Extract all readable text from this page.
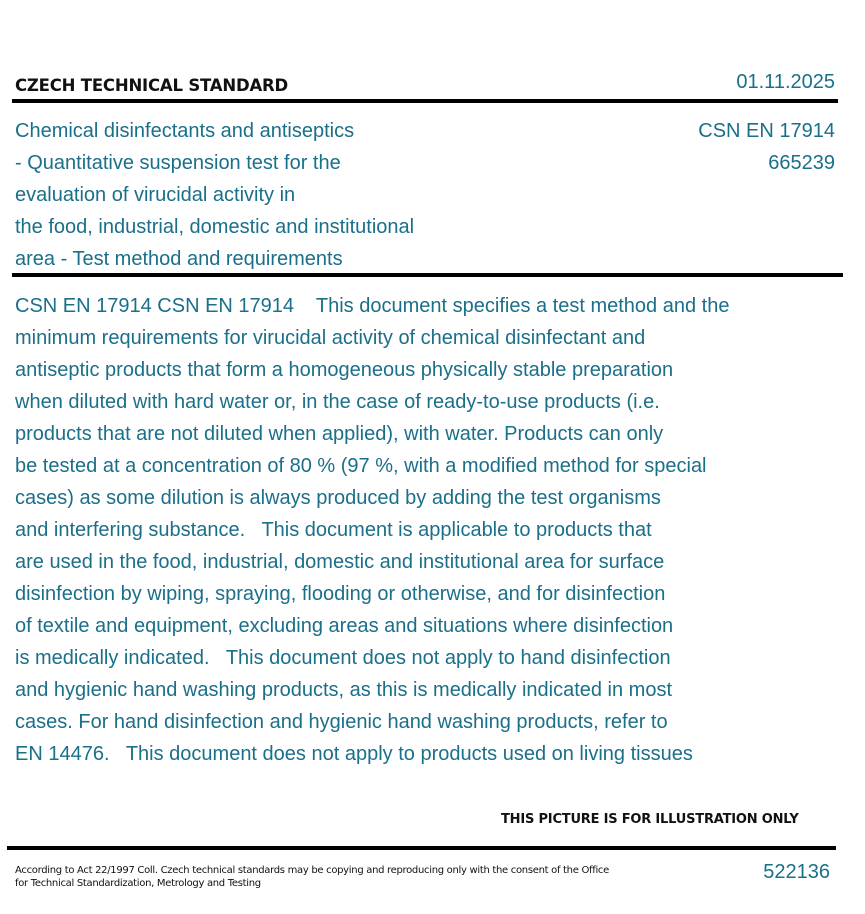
CZECH TECHNICAL STANDARD	01.11.2025
Chemical disinfectants and antiseptics
- Quantitative suspension test for the
evaluation of virucidal activity in
the food, industrial, domestic and institutional
area - Test method and requirements
CSN EN 17914
665239
CSN EN 17914 CSN EN 17914    This document specifies a test method and the
minimum requirements for virucidal activity of chemical disinfectant and
antiseptic products that form a homogeneous physically stable preparation
when diluted with hard water or, in the case of ready-to-use products (i.e.
products that are not diluted when applied), with water. Products can only
be tested at a concentration of 80 % (97 %, with a modified method for special
cases) as some dilution is always produced by adding the test organisms
and interfering substance.   This document is applicable to products that
are used in the food, industrial, domestic and institutional area for surface
disinfection by wiping, spraying, flooding or otherwise, and for disinfection
of textile and equipment, excluding areas and situations where disinfection
is medically indicated.   This document does not apply to hand disinfection
and hygienic hand washing products, as this is medically indicated in most
cases. For hand disinfection and hygienic hand washing products, refer to
EN 14476.   This document does not apply to products used on living tissues
THIS PICTURE IS FOR ILLUSTRATION ONLY
According to Act 22/1997 Coll. Czech technical standards may be copying and reproducing only with the consent of the Office
for Technical Standardization, Metrology and Testing
522136
